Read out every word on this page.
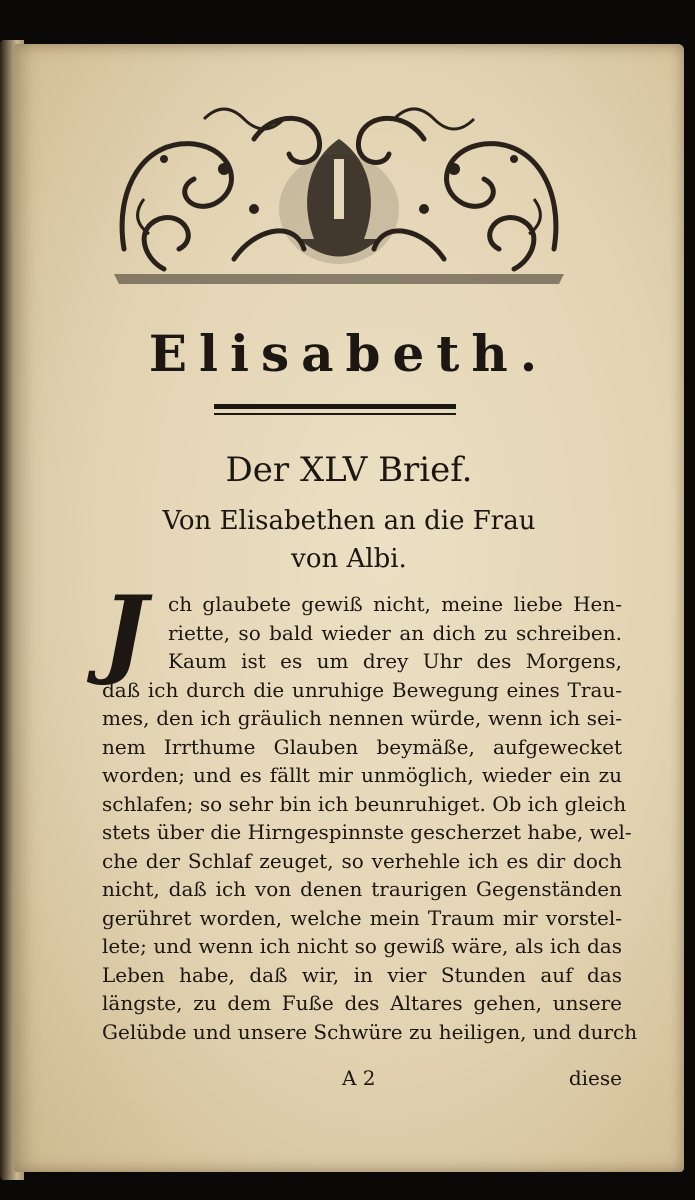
Elisabeth.
Der XLV Brief.
Von Elisabethen an die Frau
von Albi.
J	ch glaubete gewiß nicht, meine liebe Hen-
riette, so bald wieder an dich zu schreiben.
Kaum ist es um drey Uhr des Morgens,
daß ich durch die unruhige Bewegung eines Trau-
mes, den ich gräulich nennen würde, wenn ich sei-
nem Irrthume Glauben beymäße, aufgewecket
worden; und es fällt mir unmöglich, wieder ein zu
schlafen; so sehr bin ich beunruhiget. Ob ich gleich
stets über die Hirngespinnste gescherzet habe, wel-
che der Schlaf zeuget, so verhehle ich es dir doch
nicht, daß ich von denen traurigen Gegenständen
gerühret worden, welche mein Traum mir vorstel-
lete; und wenn ich nicht so gewiß wäre, als ich das
Leben habe, daß wir, in vier Stunden auf das
längste, zu dem Fuße des Altares gehen, unsere
Gelübde und unsere Schwüre zu heiligen, und durch
A 2	diese
